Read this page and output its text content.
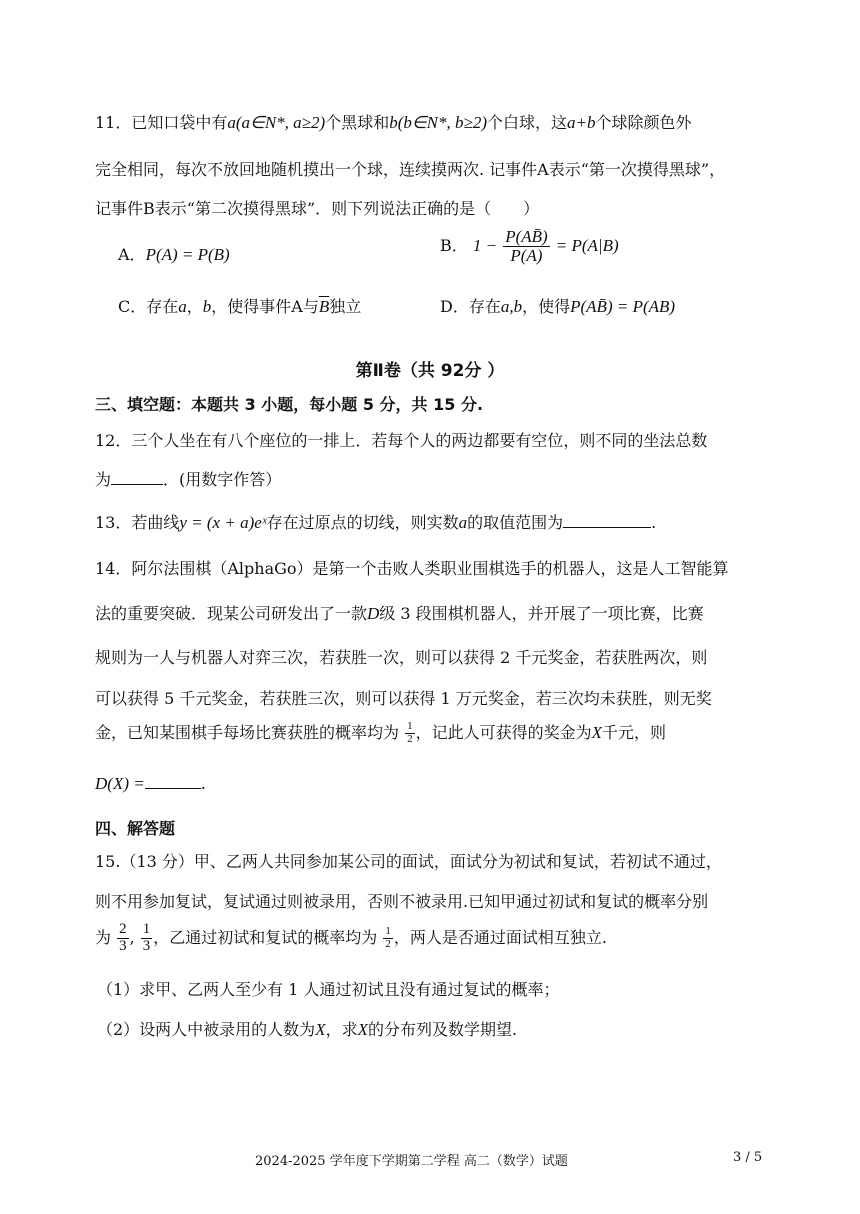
11．已知口袋中有a(a∈N*, a≥2)个黑球和b(b∈N*, b≥2)个白球，这a+b个球除颜色外
完全相同，每次不放回地随机摸出一个球，连续摸两次. 记事件A表示“第一次摸得黑球”，
记事件B表示“第二次摸得黑球”．则下列说法正确的是（　　）
A．P(A) = P(B)	B． $1 - \frac{P(AB̄)}{P(A)} = P(A|B)$
C．存在a，b，使得事件A与$\overline{B}$独立	D．存在a,b，使得P(AB̄) = P(AB)
第Ⅱ卷（共 92分 ）
三、填空题：本题共 3 小题，每小题 5 分，共 15 分.
12．三个人坐在有八个座位的一排上．若每个人的两边都要有空位，则不同的坐法总数
为	．(用数字作答）
13．若曲线y = (x + a)eˣ存在过原点的切线，则实数a的取值范围为	.
14．阿尔法围棋（AlphaGo）是第一个击败人类职业围棋选手的机器人，这是人工智能算
法的重要突破．现某公司研发出了一款D级 3 段围棋机器人，并开展了一项比赛，比赛
规则为一人与机器人对弈三次，若获胜一次，则可以获得 2 千元奖金，若获胜两次，则
可以获得 5 千元奖金，若获胜三次，则可以获得 1 万元奖金，若三次均未获胜，则无奖
金，已知某围棋手每场比赛获胜的概率均为 $\frac{1}{2}$ ，记此人可获得的奖金为X千元，则
D(X) =	.
四、解答题
15.（13 分）甲、乙两人共同参加某公司的面试，面试分为初试和复试，若初试不通过，
则不用参加复试，复试通过则被录用，否则不被录用.已知甲通过初试和复试的概率分别
为 $\frac{2}{3}$ , $\frac{1}{3}$ ，乙通过初试和复试的概率均为 $\frac{1}{2}$ ，两人是否通过面试相互独立.
（1）求甲、乙两人至少有 1 人通过初试且没有通过复试的概率；
（2）设两人中被录用的人数为X，求X的分布列及数学期望.
2024-2025 学年度下学期第二学程 高二（数学）试题	3 / 5
